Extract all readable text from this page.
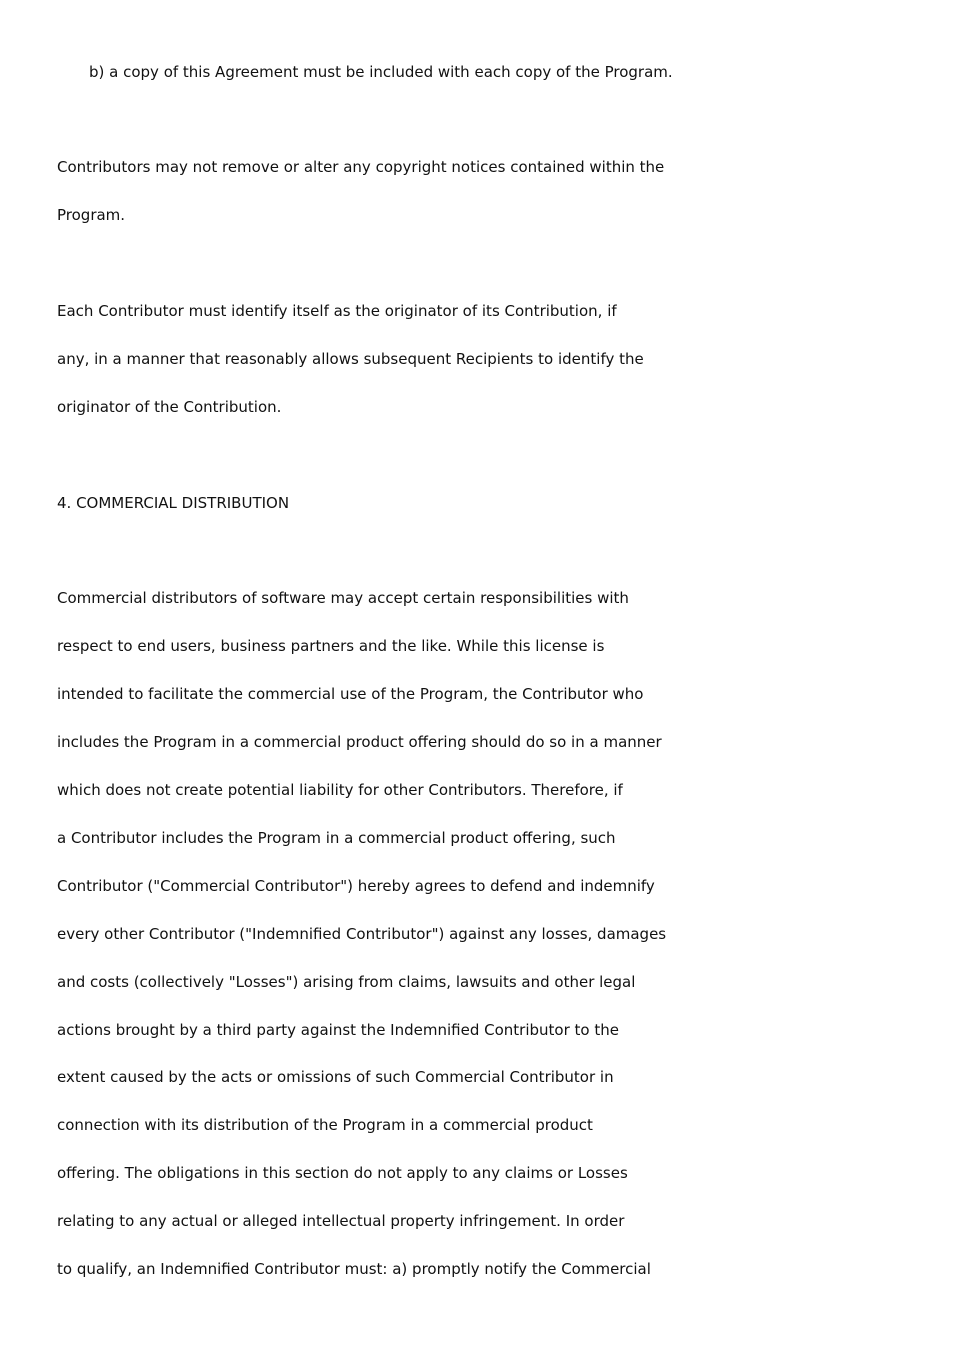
b) a copy of this Agreement must be included with each copy of the Program.
Contributors may not remove or alter any copyright notices contained within the
Program.
Each Contributor must identify itself as the originator of its Contribution, if
any, in a manner that reasonably allows subsequent Recipients to identify the
originator of the Contribution.
4. COMMERCIAL DISTRIBUTION
Commercial distributors of software may accept certain responsibilities with
respect to end users, business partners and the like. While this license is
intended to facilitate the commercial use of the Program, the Contributor who
includes the Program in a commercial product offering should do so in a manner
which does not create potential liability for other Contributors. Therefore, if
a Contributor includes the Program in a commercial product offering, such
Contributor ("Commercial Contributor") hereby agrees to defend and indemnify
every other Contributor ("Indemnified Contributor") against any losses, damages
and costs (collectively "Losses") arising from claims, lawsuits and other legal
actions brought by a third party against the Indemnified Contributor to the
extent caused by the acts or omissions of such Commercial Contributor in
connection with its distribution of the Program in a commercial product
offering. The obligations in this section do not apply to any claims or Losses
relating to any actual or alleged intellectual property infringement. In order
to qualify, an Indemnified Contributor must: a) promptly notify the Commercial
